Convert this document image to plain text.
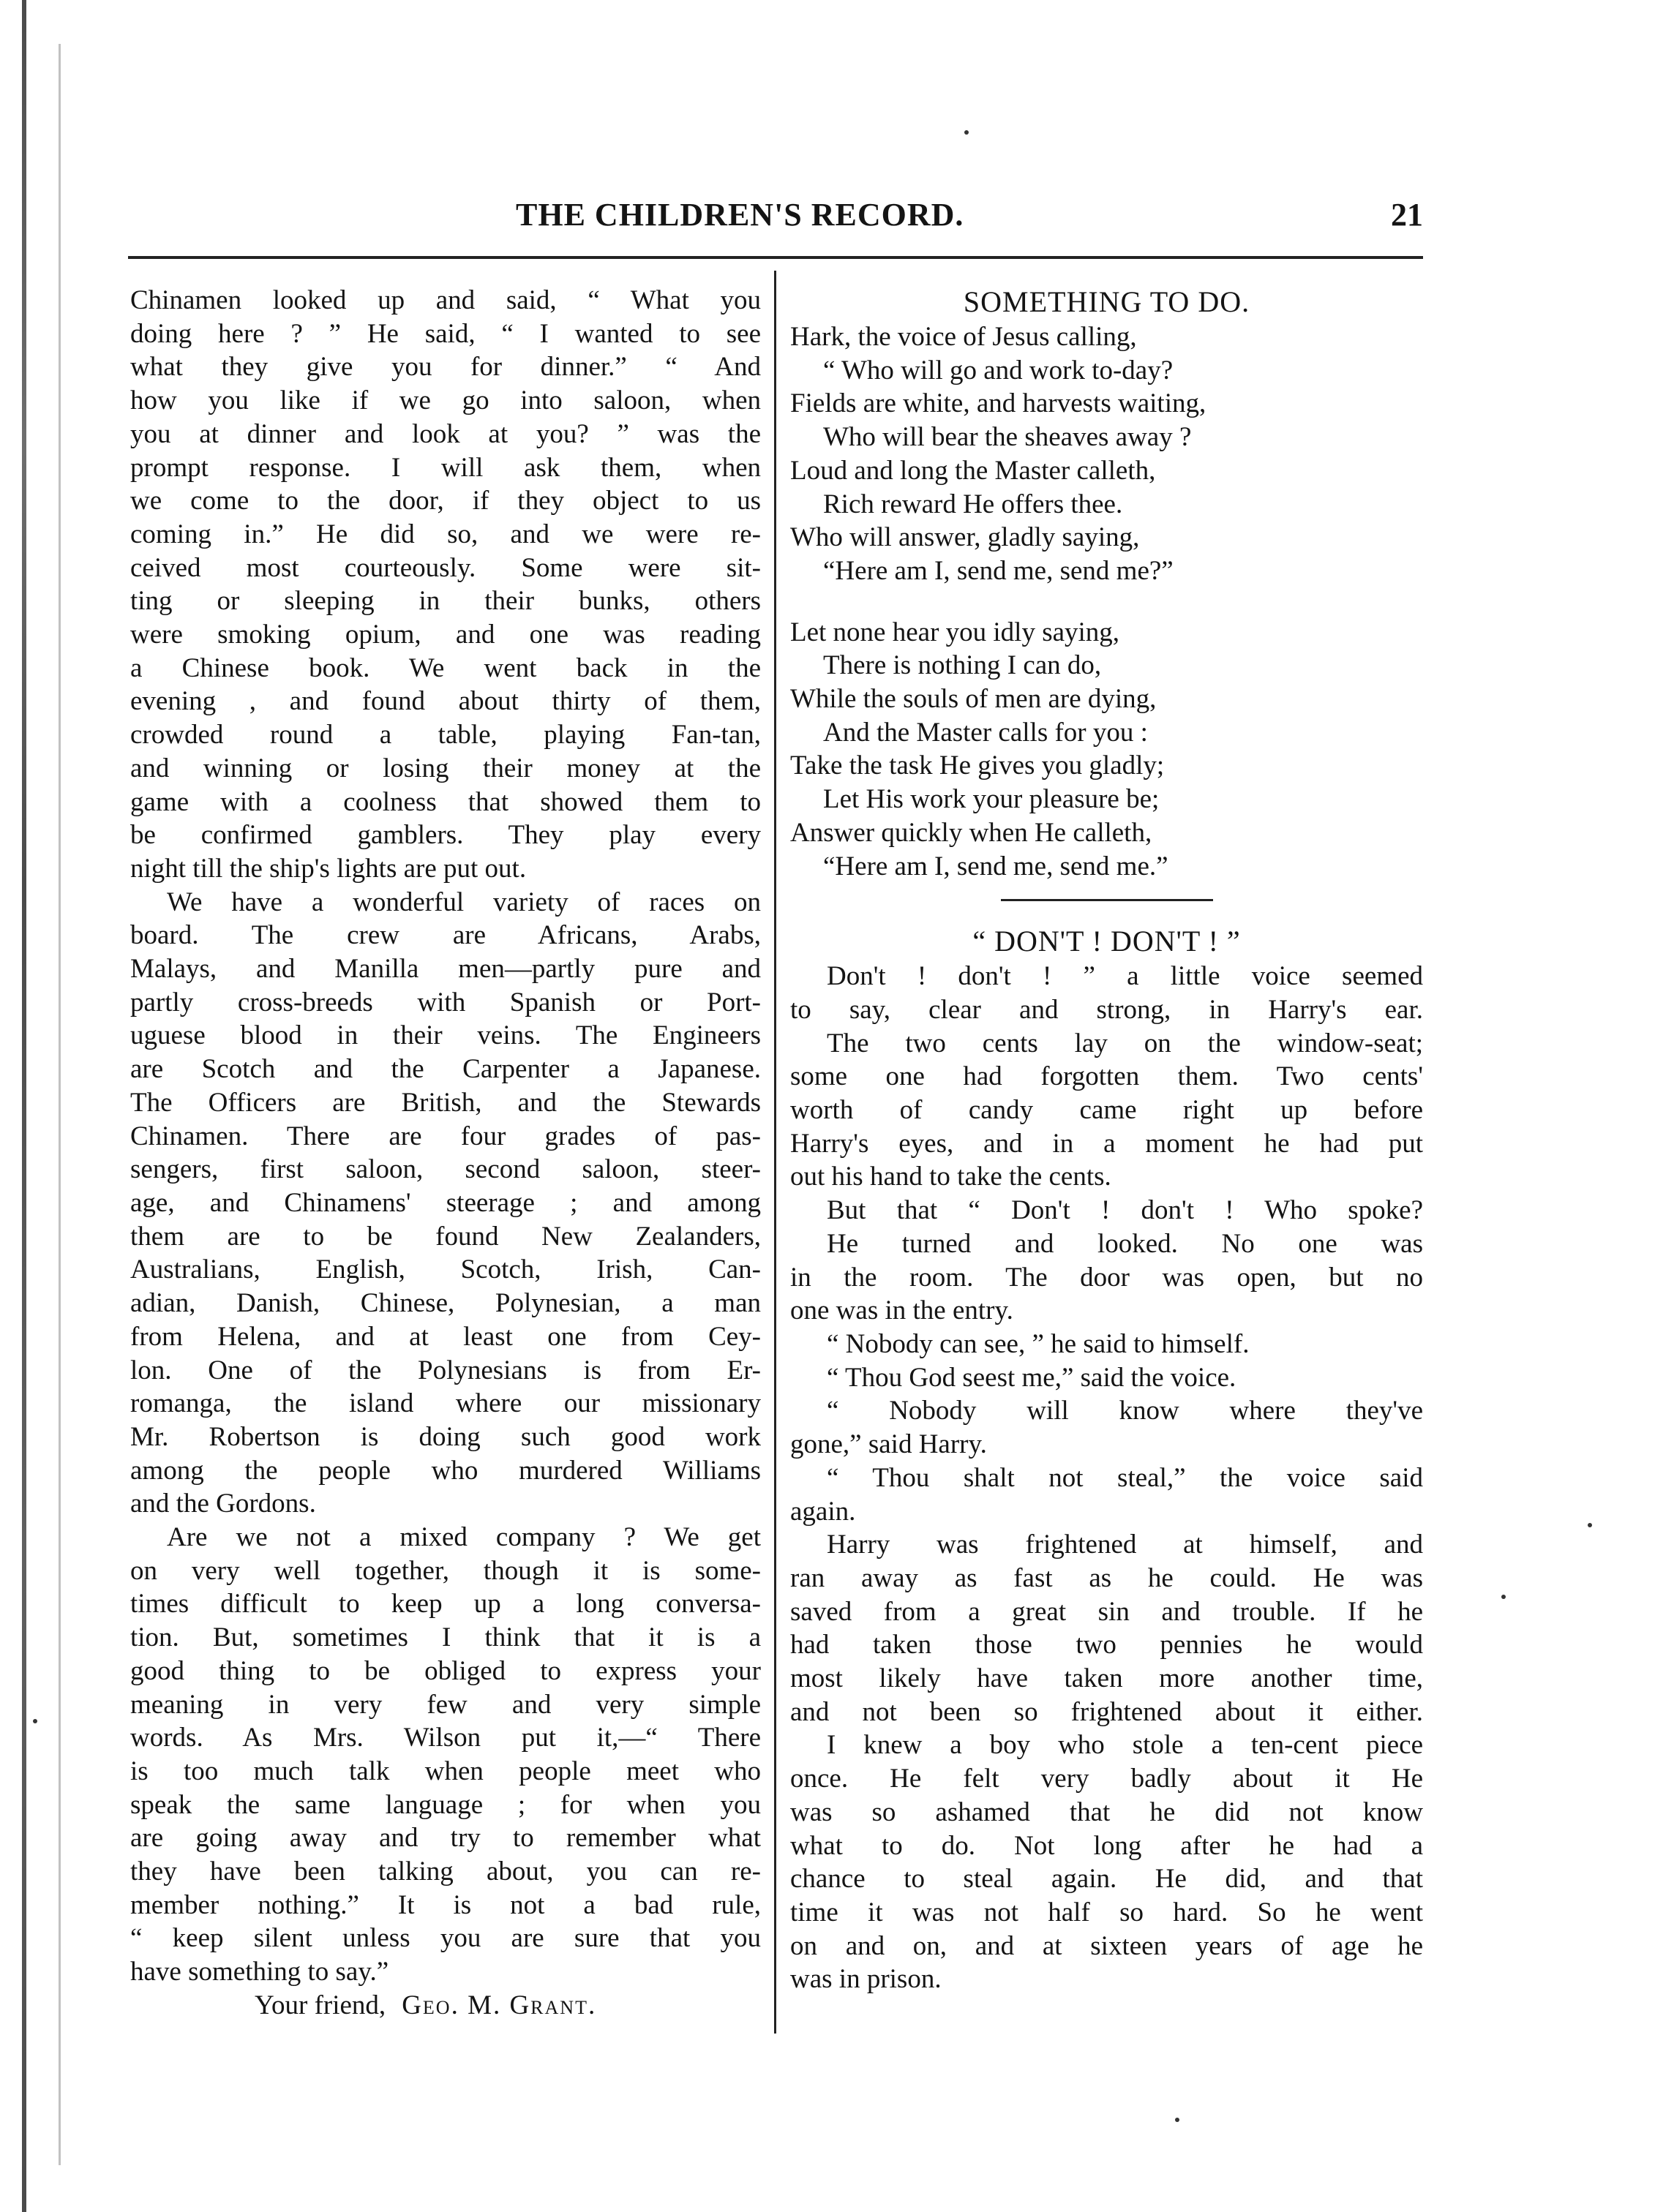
THE CHILDREN'S RECORD.	21
Chinamen looked up and said, “ What you
doing here ? ” He said, “ I wanted to see
what they give you for dinner.” “ And
how you like if we go into saloon, when
you at dinner and look at you? ” was the
prompt response. I will ask them, when
we come to the door, if they object to us
coming in.” He did so, and we were re-
ceived most courteously. Some were sit-
ting or sleeping in their bunks, others
were smoking opium, and one was reading
a Chinese book. We went back in the
evening , and found about thirty of them,
crowded round a table, playing Fan-tan,
and winning or losing their money at the
game with a coolness that showed them to
be confirmed gamblers. They play every
night till the ship's lights are put out.
We have a wonderful variety of races on
board. The crew are Africans, Arabs,
Malays, and Manilla men—partly pure and
partly cross-breeds with Spanish or Port-
uguese blood in their veins. The Engineers
are Scotch and the Carpenter a Japanese.
The Officers are British, and the Stewards
Chinamen. There are four grades of pas-
sengers, first saloon, second saloon, steer-
age, and Chinamens' steerage ; and among
them are to be found New Zealanders,
Australians, English, Scotch, Irish, Can-
adian, Danish, Chinese, Polynesian, a man
from Helena, and at least one from Cey-
lon. One of the Polynesians is from Er-
romanga, the island where our missionary
Mr. Robertson is doing such good work
among the people who murdered Williams
and the Gordons.
Are we not a mixed company ? We get
on very well together, though it is some-
times difficult to keep up a long conversa-
tion. But, sometimes I think that it is a
good thing to be obliged to express your
meaning in very few and very simple
words. As Mrs. Wilson put it,—“ There
is too much talk when people meet who
speak the same language ; for when you
are going away and try to remember what
they have been talking about, you can re-
member nothing.” It is not a bad rule,
“ keep silent unless you are sure that you
have something to say.”
Your friend, Geo. M. Grant.
SOMETHING TO DO.
Hark, the voice of Jesus calling,
“ Who will go and work to-day?
Fields are white, and harvests waiting,
Who will bear the sheaves away ?
Loud and long the Master calleth,
Rich reward He offers thee.
Who will answer, gladly saying,
“Here am I, send me, send me?”
Let none hear you idly saying,
There is nothing I can do,
While the souls of men are dying,
And the Master calls for you :
Take the task He gives you gladly;
Let His work your pleasure be;
Answer quickly when He calleth,
“Here am I, send me, send me.”
“ DON'T ! DON'T ! ”
Don't ! don't ! ” a little voice seemed
to say, clear and strong, in Harry's ear.
The two cents lay on the window-seat;
some one had forgotten them. Two cents'
worth of candy came right up before
Harry's eyes, and in a moment he had put
out his hand to take the cents.
But that “ Don't ! don't ! Who spoke?
He turned and looked. No one was
in the room. The door was open, but no
one was in the entry.
“ Nobody can see, ” he said to himself.
“ Thou God seest me,” said the voice.
“ Nobody will know where they've
gone,” said Harry.
“ Thou shalt not steal,” the voice said
again.
Harry was frightened at himself, and
ran away as fast as he could. He was
saved from a great sin and trouble. If he
had taken those two pennies he would
most likely have taken more another time,
and not been so frightened about it either.
I knew a boy who stole a ten-cent piece
once. He felt very badly about it He
was so ashamed that he did not know
what to do. Not long after he had a
chance to steal again. He did, and that
time it was not half so hard. So he went
on and on, and at sixteen years of age he
was in prison.
